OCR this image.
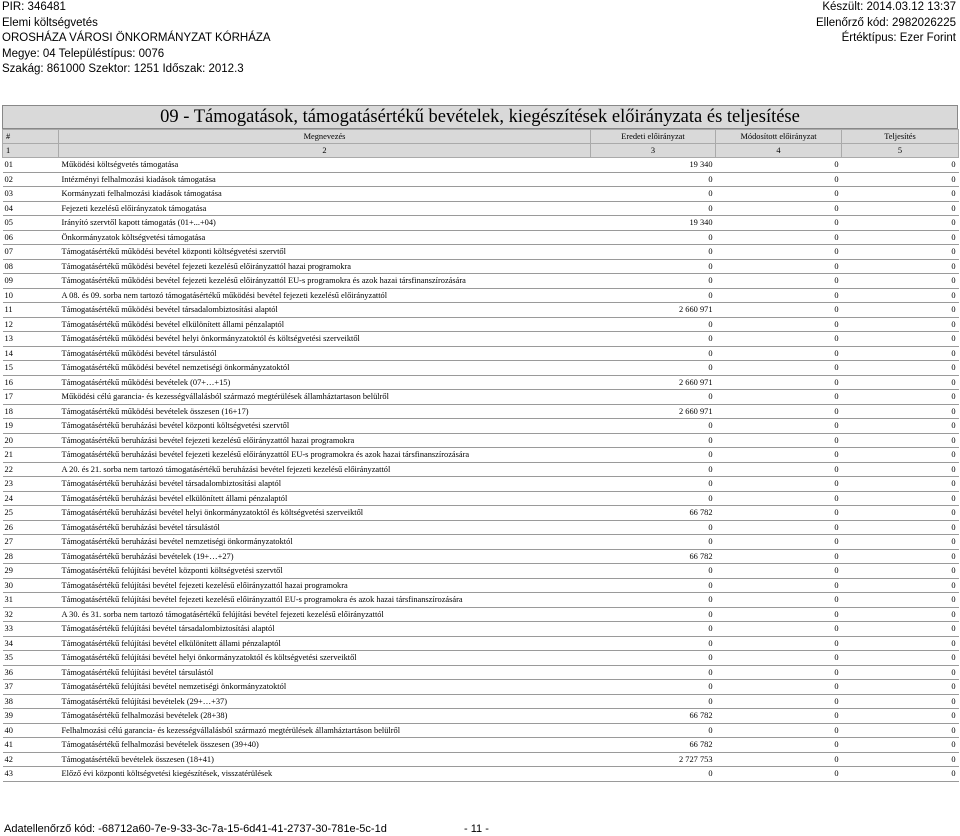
PIR: 346481
Elemi költségvetés
OROSHÁZA VÁROSI ÖNKORMÁNYZAT KÓRHÁZA
Megye: 04 Településtípus: 0076
Szakág: 861000 Szektor: 1251 Időszak: 2012.3
Készült: 2014.03.12 13:37
Ellenőrző kód: 2982026225
Értéktípus: Ezer Forint
09 - Támogatások, támogatásértékű bevételek, kiegészítések előirányzata és teljesítése
#	Megnevezés	Eredeti előirányzat	Módosított előirányzat	Teljesítés
1	2	3	4	5
01	Működési költségvetés támogatása	19 340	0	0
02	Intézményi felhalmozási kiadások támogatása	0	0	0
03	Kormányzati felhalmozási kiadások támogatása	0	0	0
04	Fejezeti kezelésű előirányzatok támogatása	0	0	0
05	Irányító szervtől kapott támogatás (01+...+04)	19 340	0	0
06	Önkormányzatok költségvetési támogatása	0	0	0
07	Támogatásértékű működési bevétel központi költségvetési szervtől	0	0	0
08	Támogatásértékű működési bevétel fejezeti kezelésű előirányzattól hazai programokra	0	0	0
09	Támogatásértékű működési bevétel fejezeti kezelésű előirányzattól EU-s programokra és azok hazai társfinanszírozására	0	0	0
10	A 08. és 09. sorba nem tartozó támogatásértékű működési bevétel fejezeti kezelésű előirányzattól	0	0	0
11	Támogatásértékű működési bevétel társadalombiztosítási alaptól	2 660 971	0	0
12	Támogatásértékű működési bevétel elkülönített állami pénzalaptól	0	0	0
13	Támogatásértékű működési bevétel helyi önkormányzatoktól és költségvetési szerveiktől	0	0	0
14	Támogatásértékű működési bevétel társulástól	0	0	0
15	Támogatásértékű működési bevétel nemzetiségi önkormányzatoktól	0	0	0
16	Támogatásértékű működési bevételek (07+…+15)	2 660 971	0	0
17	Működési célú garancia- és kezességvállalásból származó megtérülések államháztartason belülről	0	0	0
18	Támogatásértékű működési bevételek összesen (16+17)	2 660 971	0	0
19	Támogatásértékű beruházási bevétel központi költségvetési szervtől	0	0	0
20	Támogatásértékű beruházási bevétel fejezeti kezelésű előirányzattól hazai programokra	0	0	0
21	Támogatásértékű beruházási bevétel fejezeti kezelésű előirányzattól EU-s programokra és azok hazai társfinanszírozására	0	0	0
22	A 20. és 21. sorba nem tartozó támogatásértékű beruházási bevétel fejezeti kezelésű előirányzattól	0	0	0
23	Támogatásértékű beruházási bevétel társadalombiztosítási alaptól	0	0	0
24	Támogatásértékű beruházási bevétel elkülönített állami pénzalaptól	0	0	0
25	Támogatásértékű beruházási bevétel helyi önkormányzatoktól és költségvetési szerveiktől	66 782	0	0
26	Támogatásértékű beruházási bevétel társulástól	0	0	0
27	Támogatásértékű beruházási bevétel nemzetiségi önkormányzatoktól	0	0	0
28	Támogatásértékű beruházási bevételek (19+…+27)	66 782	0	0
29	Támogatásértékű felújítási bevétel központi költségvetési szervtől	0	0	0
30	Támogatásértékű felújítási bevétel fejezeti kezelésű előirányzattól hazai programokra	0	0	0
31	Támogatásértékű felújítási bevétel fejezeti kezelésű előirányzattól EU-s programokra és azok hazai társfinanszírozására	0	0	0
32	A 30. és 31. sorba nem tartozó támogatásértékű felújítási bevétel fejezeti kezelésű előirányzattól	0	0	0
33	Támogatásértékű felújítási bevétel társadalombiztosítási alaptól	0	0	0
34	Támogatásértékű felújítási bevétel elkülönített állami pénzalaptól	0	0	0
35	Támogatásértékű felújítási bevétel helyi önkormányzatoktól és költségvetési szerveiktől	0	0	0
36	Támogatásértékű felújítási bevétel társulástól	0	0	0
37	Támogatásértékű felújítási bevétel nemzetiségi önkormányzatoktól	0	0	0
38	Támogatásértékű felújítási bevételek (29+…+37)	0	0	0
39	Támogatásértékű felhalmozási bevételek (28+38)	66 782	0	0
40	Felhalmozási célú garancia- és kezességvállalásból származó megtérülések államháztartáson belülről	0	0	0
41	Támogatásértékű felhalmozási bevételek összesen (39+40)	66 782	0	0
42	Támogatásértékű bevételek összesen (18+41)	2 727 753	0	0
43	Előző évi központi költségvetési kiegészítések, visszatérülések	0	0	0
Adatellenőrző kód: -68712a60-7e-9-33-3c-7a-15-6d41-41-2737-30-781e-5c-1d	- 11 -
